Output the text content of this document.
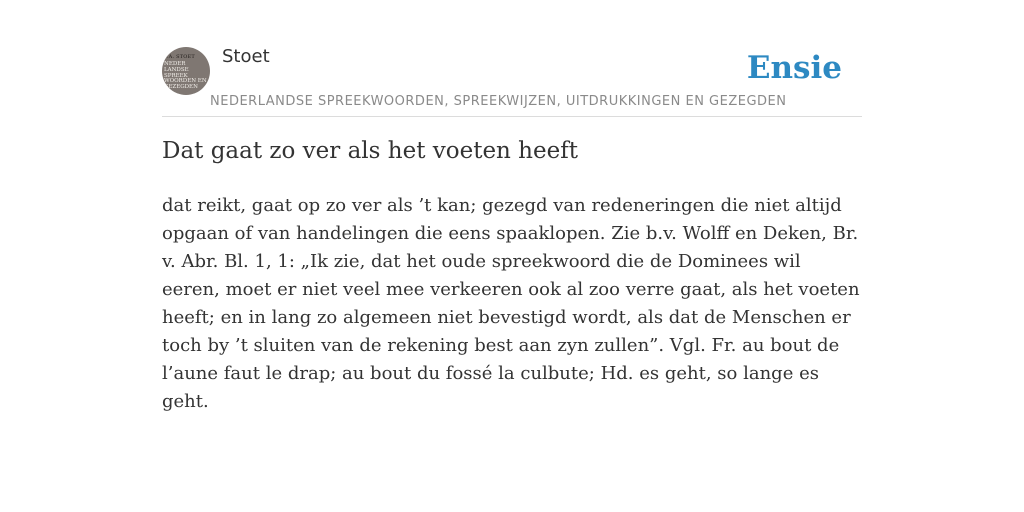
F.A. STOET
NEDER
LANDSE
SPREEK
WOORDEN EN
GEZEGDEN
Stoet
NEDERLANDSE SPREEKWOORDEN, SPREEKWIJZEN, UITDRUKKINGEN EN GEZEGDEN
Ensie
Dat gaat zo ver als het voeten heeft

dat reikt, gaat op zo ver als ’t kan; gezegd van redeneringen die niet altijd opgaan of van handelingen die eens spaaklopen. Zie b.v. Wolff en Deken, Br. v. Abr. Bl. 1, 1: „Ik zie, dat het oude spreekwoord die de Dominees wil eeren, moet er niet veel mee verkeeren ook al zoo verre gaat, als het voeten heeft; en in lang zo algemeen niet bevestigd wordt, als dat de Menschen er toch by ’t sluiten van de rekening best aan zyn zullen”. Vgl. Fr. au bout de l’aune faut le drap; au bout du fossé la culbute; Hd. es geht, so lange es geht.
